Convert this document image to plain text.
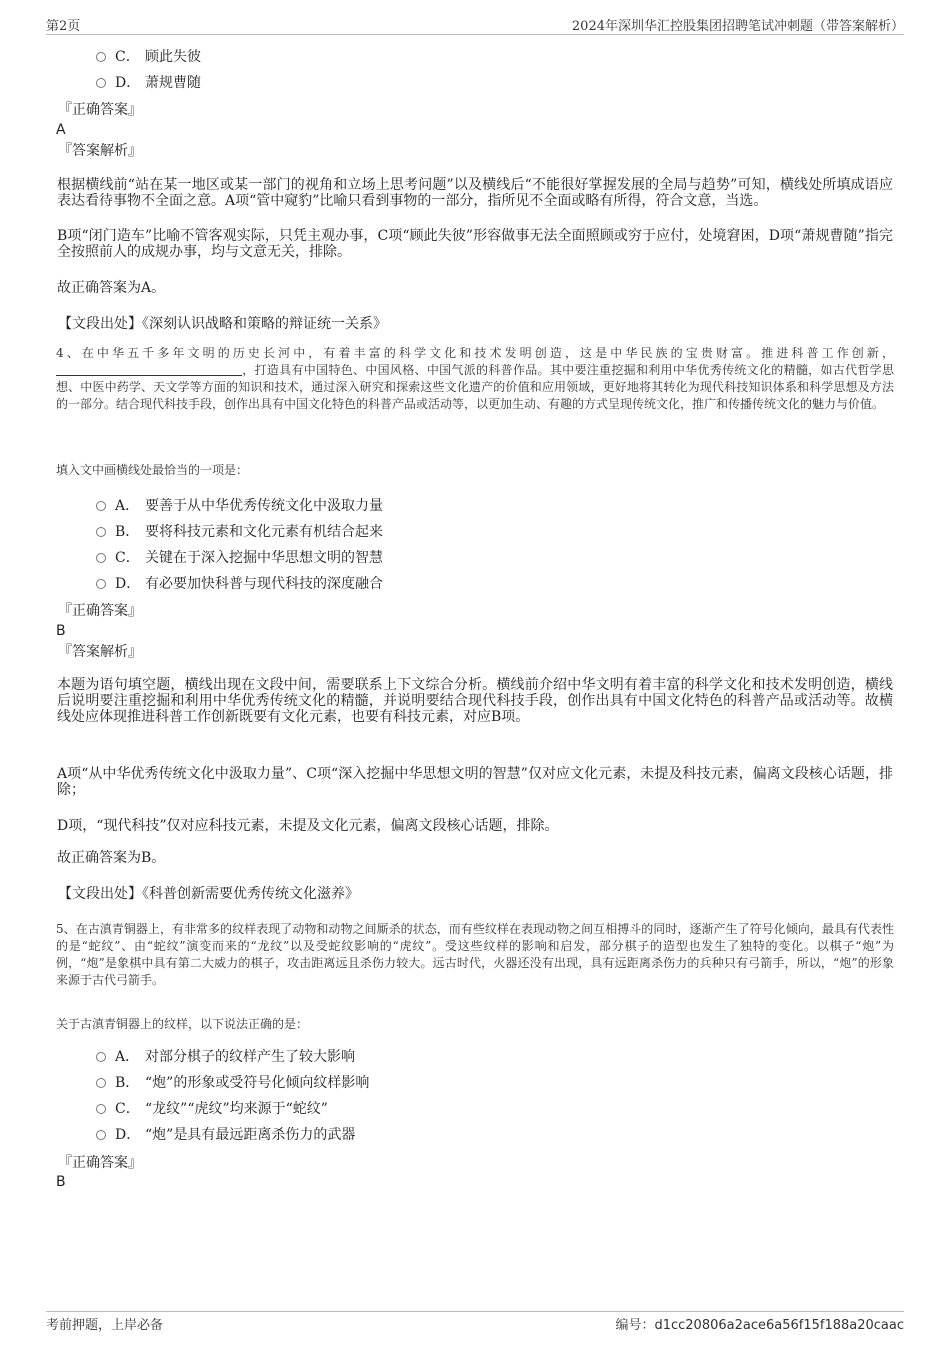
第2页	2024年深圳华汇控股集团招聘笔试冲刺题（带答案解析）
C． 顾此失彼
D． 萧规曹随
『正确答案』
A
『答案解析』
根据横线前“站在某一地区或某一部门的视角和立场上思考问题”以及横线后“不能很好掌握发展的全局与趋势”可知，横线处所填成语应表达看待事物不全面之意。A项“管中窥豹”比喻只看到事物的一部分，指所见不全面或略有所得，符合文意，当选。
B项“闭门造车”比喻不管客观实际，只凭主观办事，C项“顾此失彼”形容做事无法全面照顾或穷于应付，处境窘困，D项“萧规曹随”指完全按照前人的成规办事，均与文意无关，排除。
故正确答案为A。
【文段出处】《深刻认识战略和策略的辩证统一关系》
4、在中华五千多年文明的历史长河中，有着丰富的科学文化和技术发明创造，这是中华民族的宝贵财富。推进科普工作创新，，打造具有中国特色、中国风格、中国气派的科普作品。其中要注重挖掘和利用中华优秀传统文化的精髓，如古代哲学思想、中医中药学、天文学等方面的知识和技术，通过深入研究和探索这些文化遗产的价值和应用领域，更好地将其转化为现代科技知识体系和科学思想及方法的一部分。结合现代科技手段，创作出具有中国文化特色的科普产品或活动等，以更加生动、有趣的方式呈现传统文化，推广和传播传统文化的魅力与价值。
填入文中画横线处最恰当的一项是：
A． 要善于从中华优秀传统文化中汲取力量
B． 要将科技元素和文化元素有机结合起来
C． 关键在于深入挖掘中华思想文明的智慧
D． 有必要加快科普与现代科技的深度融合
『正确答案』
B
『答案解析』
本题为语句填空题，横线出现在文段中间，需要联系上下文综合分析。横线前介绍中华文明有着丰富的科学文化和技术发明创造，横线后说明要注重挖掘和利用中华优秀传统文化的精髓，并说明要结合现代科技手段，创作出具有中国文化特色的科普产品或活动等。故横线处应体现推进科普工作创新既要有文化元素，也要有科技元素，对应B项。
A项“从中华优秀传统文化中汲取力量”、C项“深入挖掘中华思想文明的智慧”仅对应文化元素，未提及科技元素，偏离文段核心话题，排除；
D项，“现代科技”仅对应科技元素，未提及文化元素，偏离文段核心话题，排除。
故正确答案为B。
【文段出处】《科普创新需要优秀传统文化滋养》
5、在古滇青铜器上，有非常多的纹样表现了动物和动物之间厮杀的状态，而有些纹样在表现动物之间互相搏斗的同时，逐渐产生了符号化倾向，最具有代表性的是“蛇纹”、由“蛇纹”演变而来的“龙纹”以及受蛇纹影响的“虎纹”。受这些纹样的影响和启发，部分棋子的造型也发生了独特的变化。以棋子“炮”为例，“炮”是象棋中具有第二大威力的棋子，攻击距离远且杀伤力较大。远古时代，火器还没有出现，具有远距离杀伤力的兵种只有弓箭手，所以，“炮”的形象来源于古代弓箭手。
关于古滇青铜器上的纹样，以下说法正确的是：
A． 对部分棋子的纹样产生了较大影响
B． “炮”的形象或受符号化倾向纹样影响
C． “龙纹”“虎纹”均来源于“蛇纹”
D． “炮”是具有最远距离杀伤力的武器
『正确答案』
B
考前押题，上岸必备	编号：d1cc20806a2ace6a56f15f188a20caac
